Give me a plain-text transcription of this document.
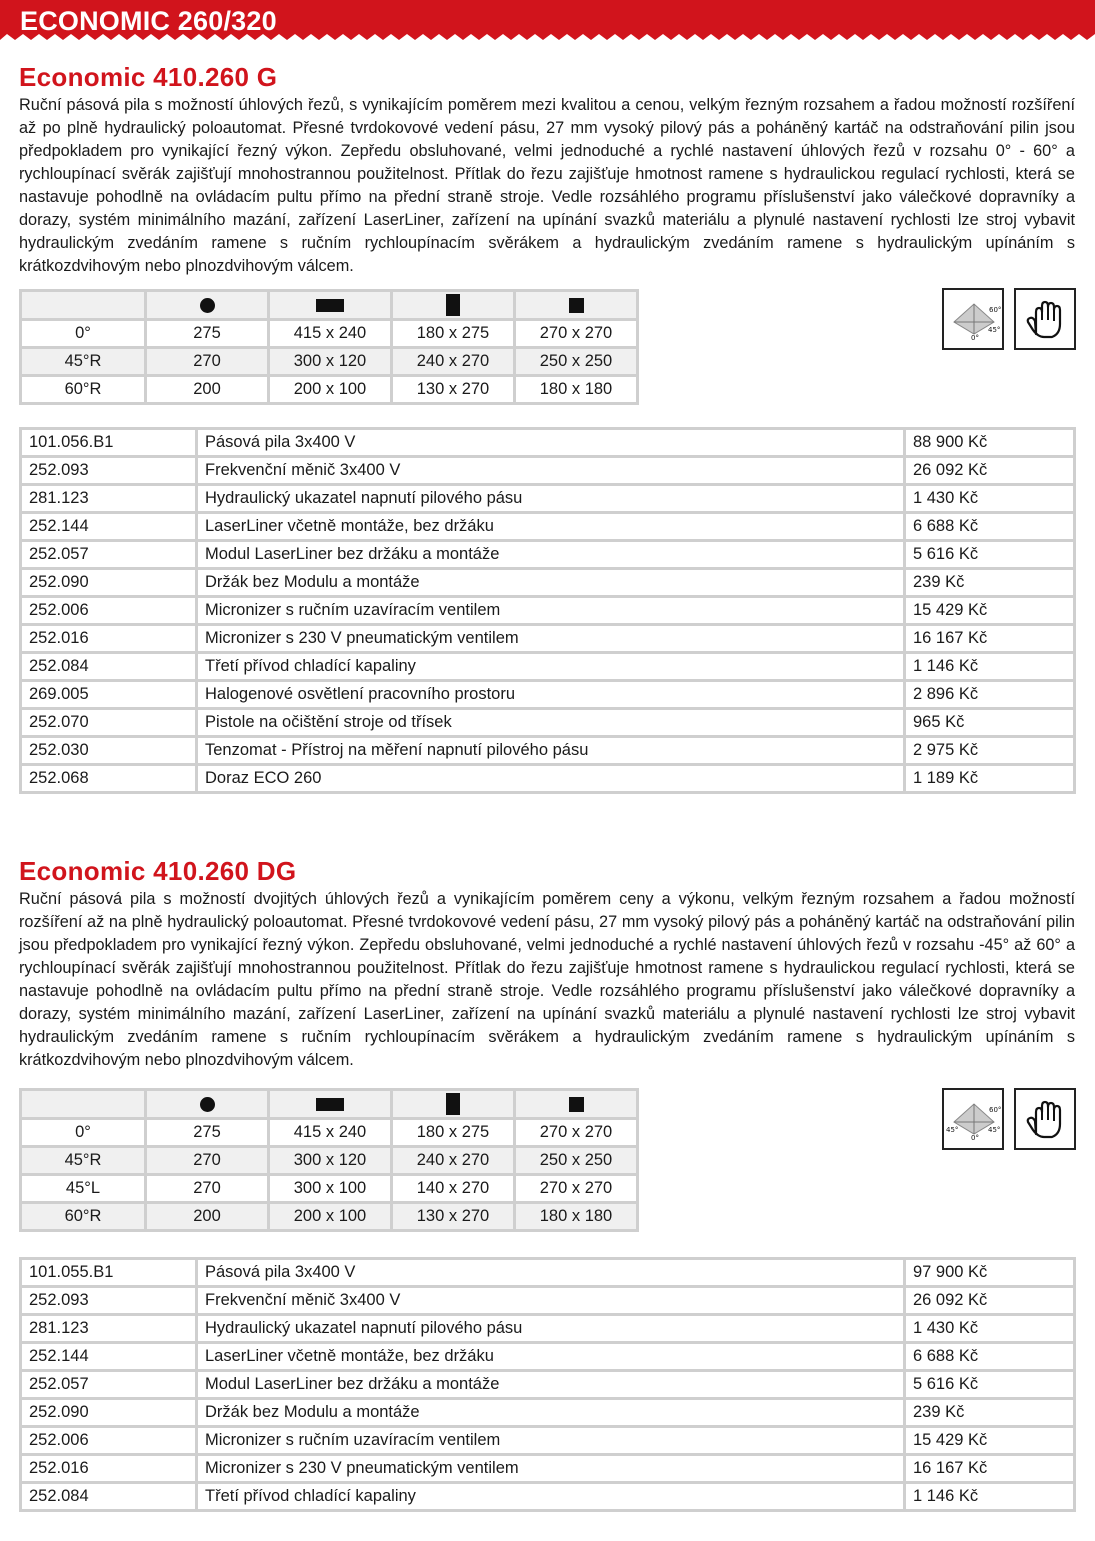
ECONOMIC 260/320
Economic 410.260 G

Ruční pásová pila s možností úhlových řezů, s vynikajícím poměrem mezi kvalitou a cenou, velkým řezným rozsahem a řadou možností rozšíření až po plně hydraulický poloautomat. Přesné tvrdokovové vedení pásu, 27 mm vysoký pilový pás a poháněný kartáč na odstraňování pilin jsou předpokladem pro vynikající řezný výkon. Zepředu obsluhované, velmi jednoduché a rychlé nastavení úhlových řezů v rozsahu 0° - 60° a rychloupínací svěrák zajišťují mnohostrannou použitelnost. Přítlak do řezu zajišťuje hmotnost ramene s hydraulickou regulací rychlosti, která se nastavuje pohodlně na ovládacím pultu přímo na přední straně stroje. Vedle rozsáhlého programu příslušenství jako válečkové dopravníky a dorazy, systém minimálního mazání, zařízení LaserLiner, zařízení na upínání svazků materiálu a plynulé nastavení rychlosti lze stroj vybavit hydraulickým zvedáním ramene s ručním rychloupínacím svěrákem a hydraulickým zvedáním ramene s hydraulickým upínáním s krátkozdvihovým nebo plnozdvihovým válcem.

0°	275	415 x 240	180 x 275	270 x 270
45°R	270	300 x 120	240 x 270	250 x 250
60°R	200	200 x 100	130 x 270	180 x 180
60°
0°
45°
101.056.B1	Pásová pila 3x400 V	88 900 Kč
252.093	Frekvenční měnič 3x400 V	26 092 Kč
281.123	Hydraulický ukazatel napnutí pilového pásu	1 430 Kč
252.144	LaserLiner včetně montáže, bez držáku	6 688 Kč
252.057	Modul LaserLiner bez držáku a montáže	5 616 Kč
252.090	Držák bez Modulu a montáže	239 Kč
252.006	Micronizer s ručním uzavíracím ventilem	15 429 Kč
252.016	Micronizer s 230 V pneumatickým ventilem	16 167 Kč
252.084	Třetí přívod chladící kapaliny	1 146 Kč
269.005	Halogenové osvětlení pracovního prostoru	2 896 Kč
252.070	Pistole na očištění stroje od třísek	965 Kč
252.030	Tenzomat - Přístroj na měření napnutí pilového pásu	2 975 Kč
252.068	Doraz ECO 260	1 189 Kč
Economic 410.260 DG

Ruční pásová pila s možností dvojitých úhlových řezů a vynikajícím poměrem ceny a výkonu, velkým řezným rozsahem a řadou možností rozšíření až na plně hydraulický poloautomat. Přesné tvrdokovové vedení pásu, 27 mm vysoký pilový pás a poháněný kartáč na odstraňování pilin jsou předpokladem pro vynikající řezný výkon. Zepředu obsluhované, velmi jednoduché a rychlé nastavení úhlových řezů v rozsahu -45° až 60° a rychloupínací svěrák zajišťují mnohostrannou použitelnost. Přítlak do řezu zajišťuje hmotnost ramene s hydraulickou regulací rychlosti, která se nastavuje pohodlně na ovládacím pultu přímo na přední straně stroje. Vedle rozsáhlého programu příslušenství jako válečkové dopravníky a dorazy, systém minimálního mazání, zařízení LaserLiner, zařízení na upínání svazků materiálu a plynulé nastavení rychlosti lze stroj vybavit hydraulickým zvedáním ramene s ručním rychloupínacím svěrákem a hydraulickým zvedáním ramene s hydraulickým upínáním s krátkozdvihovým nebo plnozdvihovým válcem.

0°	275	415 x 240	180 x 275	270 x 270
45°R	270	300 x 120	240 x 270	250 x 250
45°L	270	300 x 100	140 x 270	270 x 270
60°R	200	200 x 100	130 x 270	180 x 180
60°
45°
0°
45°
101.055.B1	Pásová pila 3x400 V	97 900 Kč
252.093	Frekvenční měnič 3x400 V	26 092 Kč
281.123	Hydraulický ukazatel napnutí pilového pásu	1 430 Kč
252.144	LaserLiner včetně montáže, bez držáku	6 688 Kč
252.057	Modul LaserLiner bez držáku a montáže	5 616 Kč
252.090	Držák bez Modulu a montáže	239 Kč
252.006	Micronizer s ručním uzavíracím ventilem	15 429 Kč
252.016	Micronizer s 230 V pneumatickým ventilem	16 167 Kč
252.084	Třetí přívod chladící kapaliny	1 146 Kč
